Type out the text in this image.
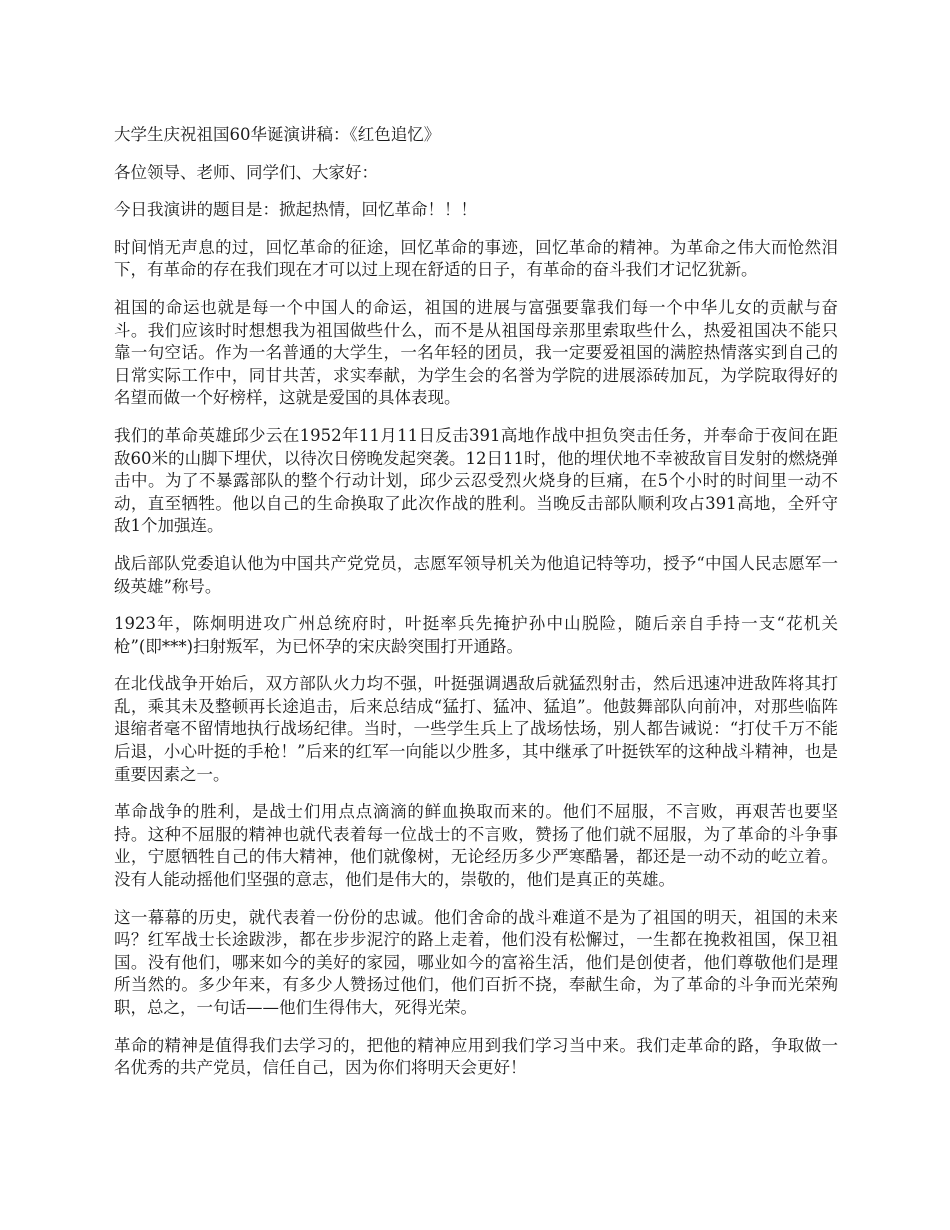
大学生庆祝祖国60华诞演讲稿：《红色追忆》

各位领导、老师、同学们、大家好：

今日我演讲的题目是：掀起热情，回忆革命！！！

时间悄无声息的过，回忆革命的征途，回忆革命的事迹，回忆革命的精神。为革命之伟大而怆然泪下，有革命的存在我们现在才可以过上现在舒适的日子，有革命的奋斗我们才记忆犹新。

祖国的命运也就是每一个中国人的命运，祖国的进展与富强要靠我们每一个中华儿女的贡献与奋斗。我们应该时时想想我为祖国做些什么，而不是从祖国母亲那里索取些什么，热爱祖国决不能只靠一句空话。作为一名普通的大学生，一名年轻的团员，我一定要爱祖国的满腔热情落实到自己的日常实际工作中，同甘共苦，求实奉献，为学生会的名誉为学院的进展添砖加瓦，为学院取得好的名望而做一个好榜样，这就是爱国的具体表现。

我们的革命英雄邱少云在1952年11月11日反击391高地作战中担负突击任务，并奉命于夜间在距敌60米的山脚下埋伏，以待次日傍晚发起突袭。12日11时，他的埋伏地不幸被敌盲目发射的燃烧弹击中。为了不暴露部队的整个行动计划，邱少云忍受烈火烧身的巨痛，在5个小时的时间里一动不动，直至牺牲。他以自己的生命换取了此次作战的胜利。当晚反击部队顺利攻占391高地，全歼守敌1个加强连。

战后部队党委追认他为中国共产党党员，志愿军领导机关为他追记特等功，授予“中国人民志愿军一级英雄”称号。

1923年，陈炯明进攻广州总统府时，叶挺率兵先掩护孙中山脱险，随后亲自手持一支“花机关枪”(即***)扫射叛军，为已怀孕的宋庆龄突围打开通路。

在北伐战争开始后，双方部队火力均不强，叶挺强调遇敌后就猛烈射击，然后迅速冲进敌阵将其打乱，乘其未及整顿再长途追击，后来总结成“猛打、猛冲、猛追”。他鼓舞部队向前冲，对那些临阵退缩者毫不留情地执行战场纪律。当时，一些学生兵上了战场怯场，别人都告诫说：“打仗千万不能后退，小心叶挺的手枪！”后来的红军一向能以少胜多，其中继承了叶挺铁军的这种战斗精神，也是重要因素之一。

革命战争的胜利，是战士们用点点滴滴的鲜血换取而来的。他们不屈服，不言败，再艰苦也要坚持。这种不屈服的精神也就代表着每一位战士的不言败，赞扬了他们就不屈服，为了革命的斗争事业，宁愿牺牲自己的伟大精神，他们就像树，无论经历多少严寒酷暑，都还是一动不动的屹立着。没有人能动摇他们坚强的意志，他们是伟大的，崇敬的，他们是真正的英雄。

这一幕幕的历史，就代表着一份份的忠诚。他们舍命的战斗难道不是为了祖国的明天，祖国的未来吗？红军战士长途跋涉，都在步步泥泞的路上走着，他们没有松懈过，一生都在挽救祖国，保卫祖国。没有他们，哪来如今的美好的家园，哪业如今的富裕生活，他们是创使者，他们尊敬他们是理所当然的。多少年来，有多少人赞扬过他们，他们百折不挠，奉献生命，为了革命的斗争而光荣殉职，总之，一句话——他们生得伟大，死得光荣。

革命的精神是值得我们去学习的，把他的精神应用到我们学习当中来。我们走革命的路，争取做一名优秀的共产党员，信任自己，因为你们将明天会更好！
